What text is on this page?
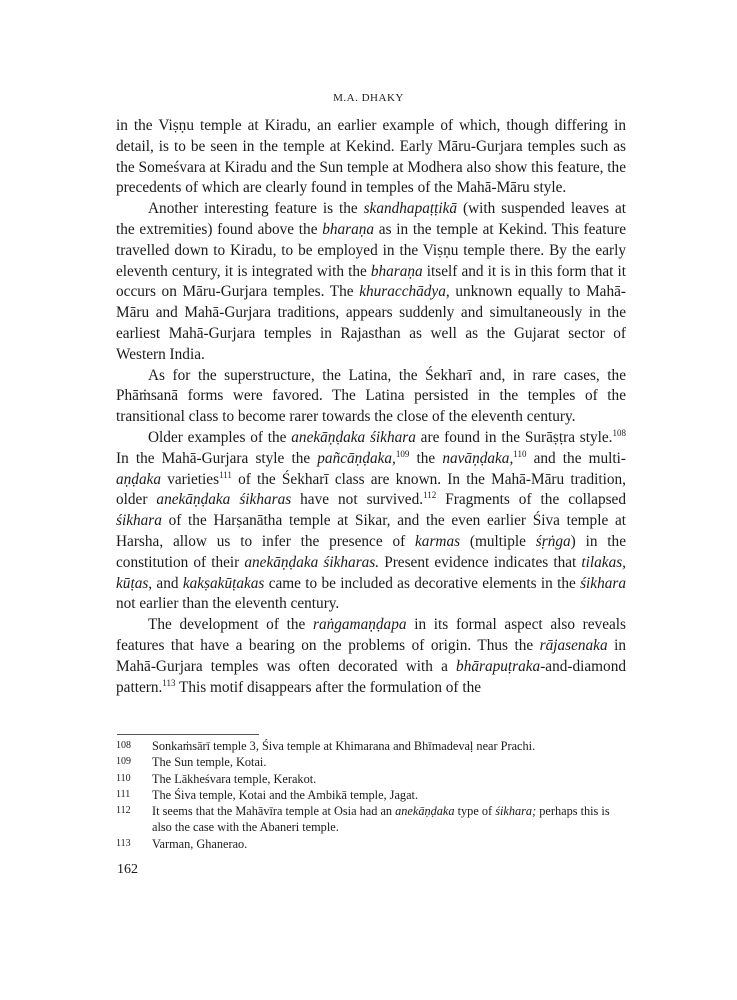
M.A. DHAKY

in the Viṣṇu temple at Kiradu, an earlier example of which, though differing in detail, is to be seen in the temple at Kekind. Early Māru-Gurjara temples such as the Someśvara at Kiradu and the Sun temple at Modhera also show this feature, the precedents of which are clearly found in temples of the Mahā-Māru style.

Another interesting feature is the skandhapaṭṭikā (with suspended leaves at the extremities) found above the bharaṇa as in the temple at Kekind. This feature travelled down to Kiradu, to be employed in the Viṣṇu temple there. By the early eleventh century, it is integrated with the bharaṇa itself and it is in this form that it occurs on Māru-Gurjara temples. The khuracchādya, unknown equally to Mahā-Māru and Mahā-Gurjara traditions, appears suddenly and simultaneously in the earliest Mahā-Gurjara temples in Rajasthan as well as the Gujarat sector of Western India.

As for the superstructure, the Latina, the Śekharī and, in rare cases, the Phāṁsanā forms were favored. The Latina persisted in the temples of the transitional class to become rarer towards the close of the eleventh century.

Older examples of the anekāṇḍaka śikhara are found in the Surāṣṭra style.$^{108}$ In the Mahā-Gurjara style the pañcāṇḍaka,$^{109}$ the navāṇḍaka,$^{110}$ and the multi-aṇḍaka varieties$^{111}$ of the Śekharī class are known. In the Mahā-Māru tradition, older anekāṇḍaka śikharas have not survived.$^{112}$ Fragments of the collapsed śikhara of the Harṣanātha temple at Sikar, and the even earlier Śiva temple at Harsha, allow us to infer the presence of karmas (multiple śṛṅga) in the constitution of their anekāṇḍaka śikharas. Present evidence indicates that tilakas, kūṭas, and kakṣakūṭakas came to be included as decorative elements in the śikhara not earlier than the eleventh century.

The development of the raṅgamaṇḍapa in its formal aspect also reveals features that have a bearing on the problems of origin. Thus the rājasenaka in Mahā-Gurjara temples was often decorated with a bhārapuṭraka-and-diamond pattern.$^{113}$ This motif disappears after the formulation of the

108 Sonkaṁsārī temple 3, Śiva temple at Khimarana and Bhīmadevaḷ near Prachi.
109 The Sun temple, Kotai.
110 The Lākheśvara temple, Kerakot.
111 The Śiva temple, Kotai and the Ambikā temple, Jagat.
112 It seems that the Mahāvīra temple at Osia had an anekāṇḍaka type of śikhara; perhaps this is also the case with the Abaneri temple.
113 Varman, Ghanerao.
162
